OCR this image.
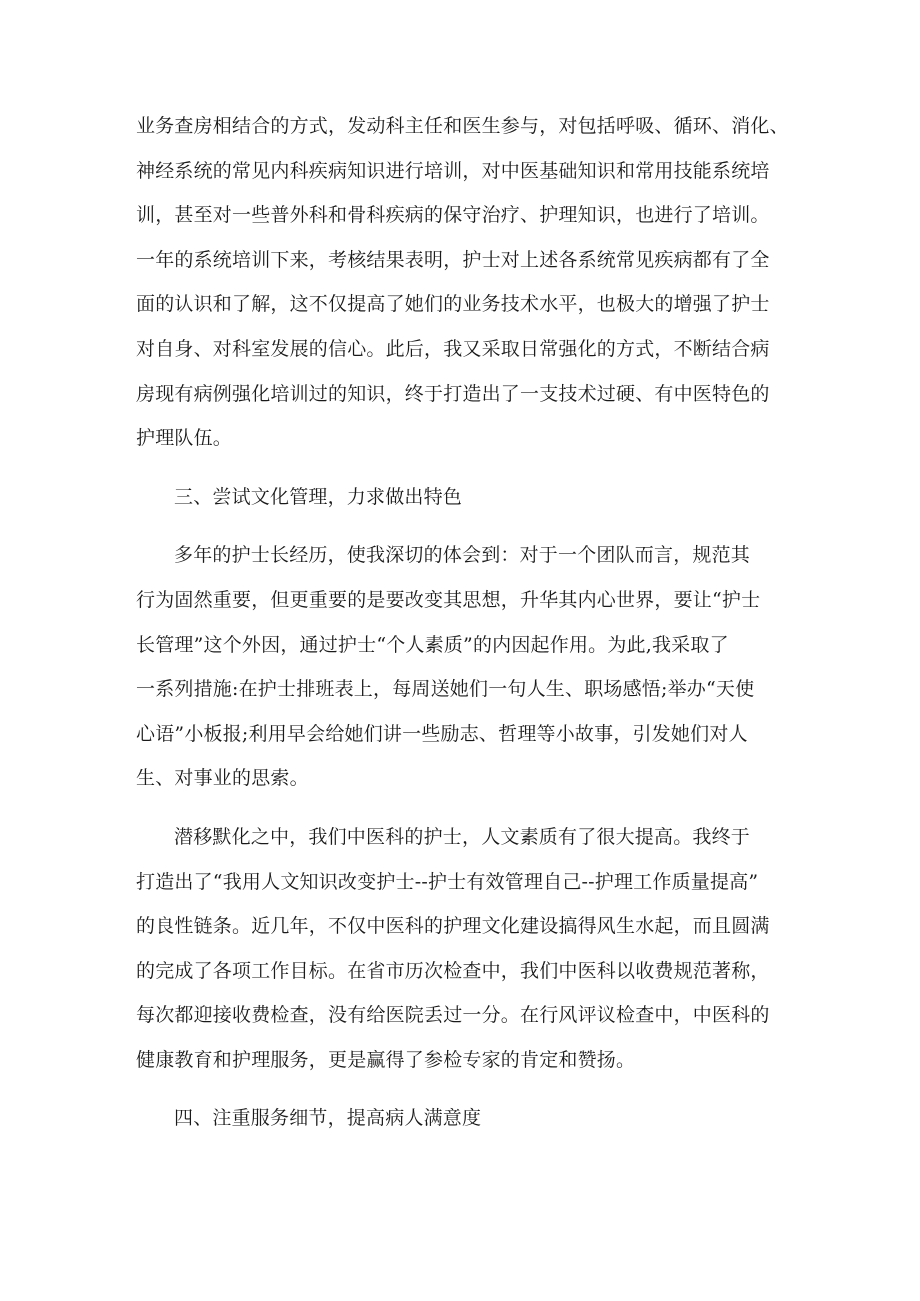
业务查房相结合的方式，发动科主任和医生参与，对包括呼吸、循环、消化、
神经系统的常见内科疾病知识进行培训，对中医基础知识和常用技能系统培
训，甚至对一些普外科和骨科疾病的保守治疗、护理知识，也进行了培训。
一年的系统培训下来，考核结果表明，护士对上述各系统常见疾病都有了全
面的认识和了解，这不仅提高了她们的业务技术水平，也极大的增强了护士
对自身、对科室发展的信心。此后，我又采取日常强化的方式，不断结合病
房现有病例强化培训过的知识，终于打造出了一支技术过硬、有中医特色的
护理队伍。
三、尝试文化管理，力求做出特色
多年的护士长经历，使我深切的体会到：对于一个团队而言，规范其
行为固然重要，但更重要的是要改变其思想，升华其内心世界，要让“护士
长管理”这个外因，通过护士“个人素质”的内因起作用。为此,我采取了
一系列措施:在护士排班表上，每周送她们一句人生、职场感悟;举办“天使
心语”小板报;利用早会给她们讲一些励志、哲理等小故事，引发她们对人
生、对事业的思索。
潜移默化之中，我们中医科的护士，人文素质有了很大提高。我终于
打造出了“我用人文知识改变护士--护士有效管理自己--护理工作质量提高”
的良性链条。近几年，不仅中医科的护理文化建设搞得风生水起，而且圆满
的完成了各项工作目标。在省市历次检查中，我们中医科以收费规范著称，
每次都迎接收费检查，没有给医院丢过一分。在行风评议检查中，中医科的
健康教育和护理服务，更是赢得了参检专家的肯定和赞扬。
四、注重服务细节，提高病人满意度
